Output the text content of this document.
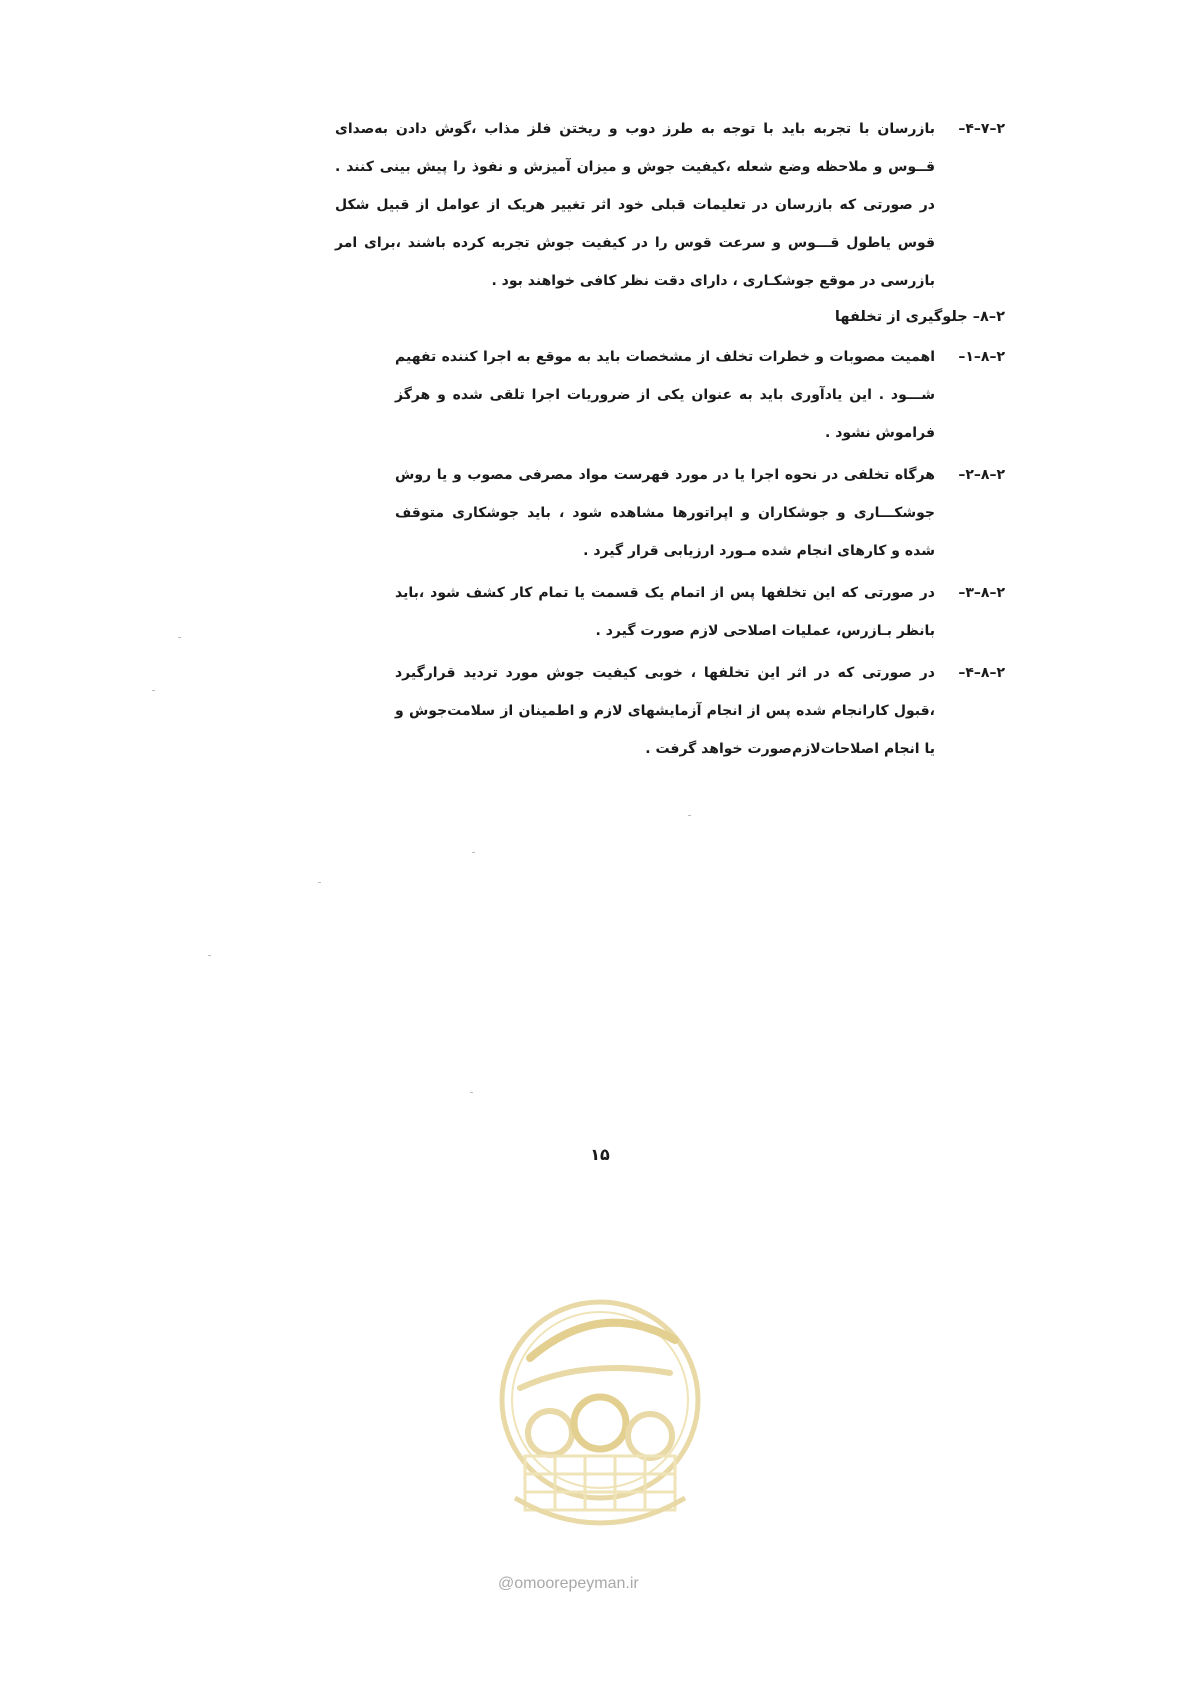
۲–۷–۴–
بازرسان با تجربه باید با توجه به طرز دوب و ریختن فلز مذاب ،گوش دادن به‌صدای قــوس و ملاحظه وضع شعله ،کیفیت جوش و میزان آمیزش و نفوذ را پیش بینی کنند . در صورتی که بازرسان در تعلیمات قبلی خود اثر تغییر هریک از عوامل از قبیل شکل قوس یاطول قـــوس و سرعت قوس را در کیفیت جوش تجربه کرده باشند ،برای امر بازرسی در موقع جوشکـاری ، دارای دقت نظر کافی خواهند بود .
۲–۸– جلوگیری از تخلفها
۲–۸–۱–
اهمیت مصوبات و خطرات تخلف از مشخصات باید به موقع به اجرا کننده تفهیم شـــود . این یادآوری باید به عنوان یکی از ضروریات اجرا تلقی شده و هرگز فراموش نشود .
۲–۸–۲–
هرگاه تخلفی در نحوه اجرا یا در مورد فهرست مواد مصرفی مصوب و یا روش جوشکـــاری و جوشکاران و اپراتورها مشاهده شود ، باید جوشکاری متوقف شده و کارهای انجام شده مـورد ارزیابی قرار گیرد .
۲–۸–۳–
در صورتی که این تخلفها پس از اتمام یک قسمت یا تمام کار کشف شود ،باید بانظر بـازرس، عملیات اصلاحی لازم صورت گیرد .
۲–۸–۴–
در صورتی که در اثر این تخلفها ، خوبی کیفیت جوش مورد تردید قرارگیرد ،قبول کارانجام شده پس از انجام آزمایشهای لازم و اطمینان از سلامت‌جوش و یا انجام اصلاحات‌لازم‌صورت خواهد گرفت .
۱۵
@omoorepeyman.ir
